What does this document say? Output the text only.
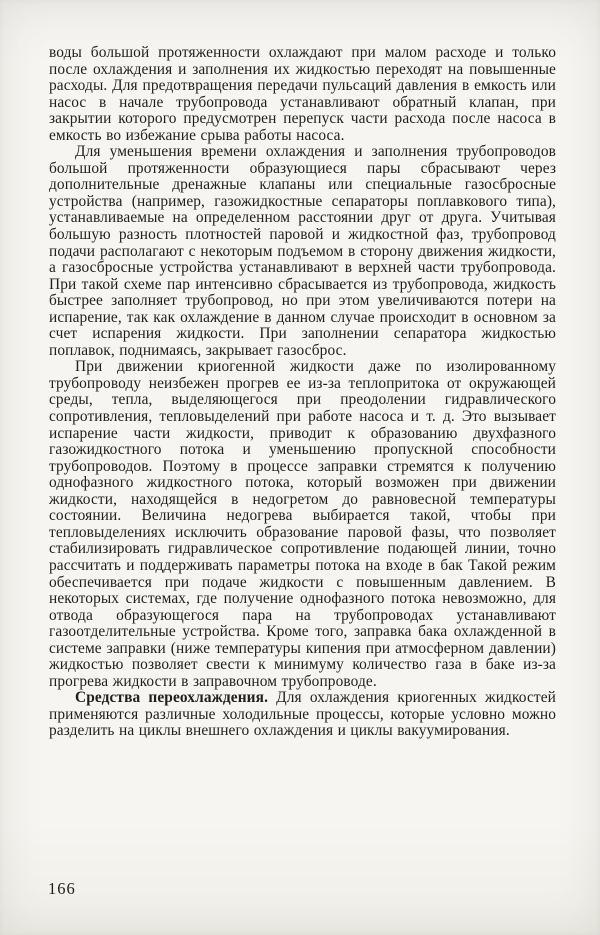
воды большой протяженности охлаждают при малом расходе и только после охлаждения и заполнения их жидкостью переходят на повышенные расходы. Для предотвращения передачи пульсаций давления в емкость или насос в начале трубопровода устанавливают обратный клапан, при закрытии которого предусмотрен перепуск части расхода после насоса в емкость во избежание срыва работы насоса.

Для уменьшения времени охлаждения и заполнения трубопроводов большой протяженности образующиеся пары сбрасывают через дополнительные дренажные клапаны или специальные газосбросные устройства (например, газожидкостные сепараторы поплавкового типа), устанавливаемые на определенном расстоянии друг от друга. Учитывая большую разность плотностей паровой и жидкостной фаз, трубопровод подачи располагают с некоторым подъемом в сторону движения жидкости, а газосбросные устройства устанавливают в верхней части трубопровода. При такой схеме пар интенсивно сбрасывается из трубопровода, жидкость быстрее заполняет трубопровод, но при этом увеличиваются потери на испарение, так как охлаждение в данном случае происходит в основном за счет испарения жидкости. При заполнении сепаратора жидкостью поплавок, поднимаясь, закрывает газосброс.

При движении криогенной жидкости даже по изолированному трубопроводу неизбежен прогрев ее из-за теплопритока от окружающей среды, тепла, выделяющегося при преодолении гидравлического сопротивления, тепловыделений при работе насоса и т. д. Это вызывает испарение части жидкости, приводит к образованию двухфазного газожидкостного потока и уменьшению пропускной способности трубопроводов. Поэтому в процессе заправки стремятся к получению однофазного жидкостного потока, который возможен при движении жидкости, находящейся в недогретом до равновесной температуры состоянии. Величина недогрева выбирается такой, чтобы при тепловыделениях исключить образование паровой фазы, что позволяет стабилизировать гидравлическое сопротивление подающей линии, точно рассчитать и поддерживать параметры потока на входе в бак Такой режим обеспечивается при подаче жидкости с повышенным давлением. В некоторых системах, где получение однофазного потока невозможно, для отвода образующегося пара на трубопроводах устанавливают газоотделительные устройства. Кроме того, заправка бака охлажденной в системе заправки (ниже температуры кипения при атмосферном давлении) жидкостью позволяет свести к минимуму количество газа в баке из-за прогрева жидкости в заправочном трубопроводе.

Средства переохлаждения. Для охлаждения криогенных жидкостей применяются различные холодильные процессы, которые условно можно разделить на циклы внешнего охлаждения и циклы вакуумирования.

166
